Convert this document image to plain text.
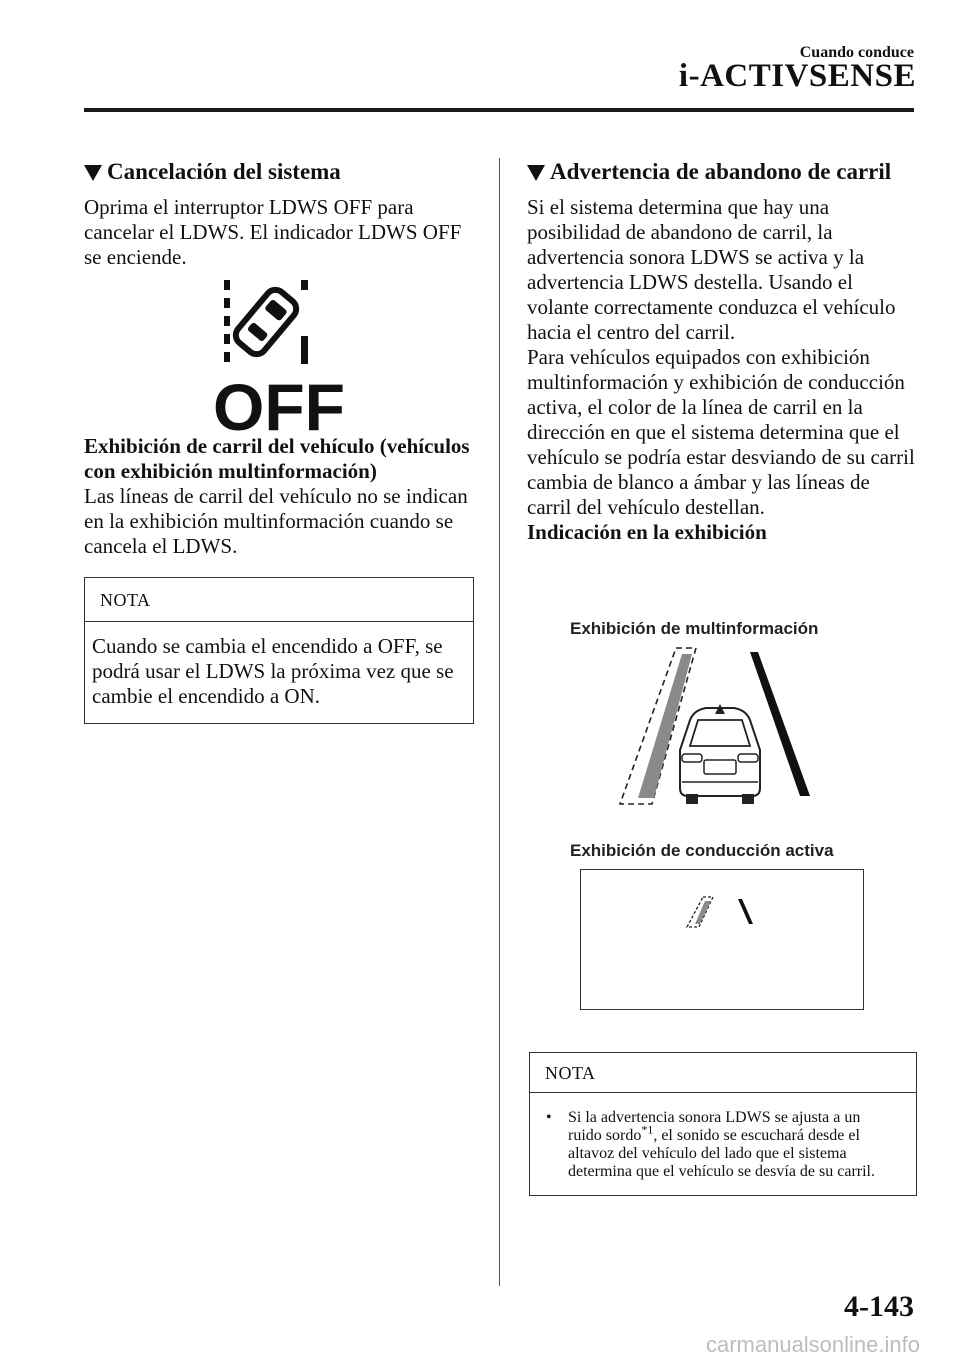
Cuando conduce
i-ACTIVSENSE
Cancelación del sistema

Oprima el interruptor LDWS OFF para cancelar el LDWS. El indicador LDWS OFF se enciende.

OFF

Exhibición de carril del vehículo (vehículos con exhibición multinformación)

Las líneas de carril del vehículo no se indican en la exhibición multinformación cuando se cancela el LDWS.

NOTA
Cuando se cambia el encendido a OFF, se podrá usar el LDWS la próxima vez que se cambie el encendido a ON.
Advertencia de abandono de carril

Si el sistema determina que hay una posibilidad de abandono de carril, la advertencia sonora LDWS se activa y la advertencia LDWS destella. Usando el volante correctamente conduzca el vehículo hacia el centro del carril.

Para vehículos equipados con exhibición multinformación y exhibición de conducción activa, el color de la línea de carril en la dirección en que el sistema determina que el vehículo se podría estar desviando de su carril cambia de blanco a ámbar y las líneas de carril del vehículo destellan.

Indicación en la exhibición

Exhibición de multinformación
Exhibición de conducción activa
NOTA
•	Si la advertencia sonora LDWS se ajusta a un ruido sordo$^{*1}$, el sonido se escuchará desde el altavoz del vehículo del lado que el sistema determina que el vehículo se desvía de su carril.
4-143
carmanualsonline.info
